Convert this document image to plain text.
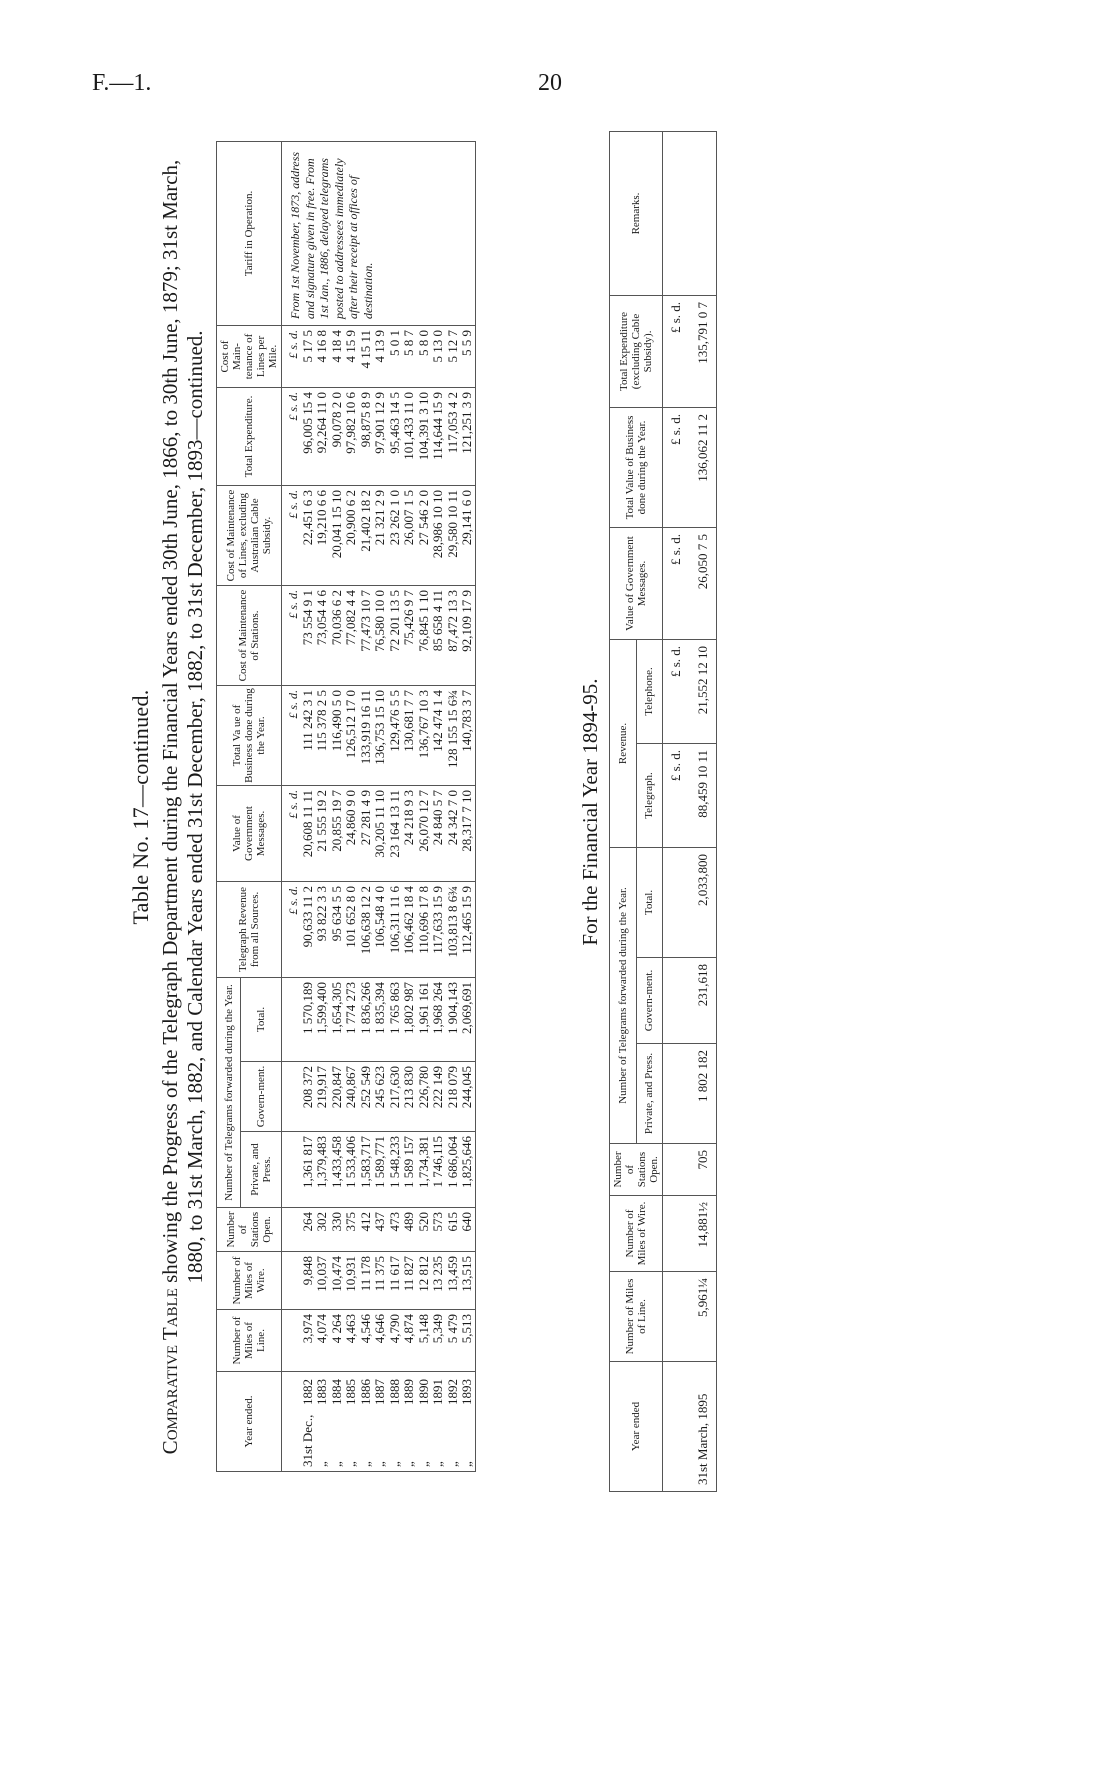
F.—1.	20
Table No. 17—continued.
Comparative Table showing the Progress of the Telegraph Department during the Financial Years ended 30th June, 1866, to 30th June, 1879; 31st March, 1880, to 31st March, 1882, and Calendar Years ended 31st December, 1882, to 31st December, 1893—continued.
Year ended.	Number of Miles of Line.	Number of Miles of Wire.	Number of Stations Open.	Number of Telegrams forwarded during the Year.			Telegraph Revenue from all Sources.	Value of Government Messages.	Total Va ue of Business done during the Year.	Cost of Maintenance of Stations.	Cost of Maintenance of Lines, excluding Australian Cable Subsidy.	Total Expenditure.	Cost of Main-tenance of Lines per Mile.	Tariff in Operation.
				Private, and Press.	Govern-ment.	Total.								
							£ s. d.	£ s. d.	£ s. d.	£ s. d.	£ s. d.	£ s. d.	£ s. d.	From 1st November, 1873, address and signature given in free. From 1st Jan., 1886, delayed telegrams posted to addressees immediately after their receipt at offices of destination.
31st Dec.,1882	3,974	9,848	264	1,361 817	208 372	1 570,189	90,633 11 2	20,608 11 11	111 242 3 1	73 554 9 1	22,451 6 3	96,005 15 4	5 17 5	
„1883	4,074	10,037	302	1,379,483	219,917	1,599,400	93 822 3 3	21 555 19 2	115 378 2 5	73,054 4 6	19,210 6 6	92,264 11 0	4 16 8	
„1884	4 264	10,474	330	1,433,458	220,847	1,654,305	95 634 5 5	20,855 19 7	116,490 5 0	70,036 6 2	20,041 15 10	90,078 2 0	4 18 4	
„1885	4,463	10,931	375	1 533,406	240,867	1 774 273	101 652 8 0	24,860 9 0	126,512 17 0	77,082 4 4	20,900 6 2	97,982 10 6	4 15 9	
„1886	4,546	11 178	412	1,583,717	252 549	1 836,266	106,638 12 2	27 281 4 9	133,919 16 11	77,473 10 7	21,402 18 2	98,875 8 9	4 15 11	
„1887	4,646	11 375	437	1 589,771	245 623	1 835,394	106,548 4 0	30,205 11 10	136,753 15 10	76,580 10 0	21 321 2 9	97,901 12 9	4 13 9	
„1888	4,790	11 617	473	1 548,233	217,630	1 765 863	106,311 11 6	23 164 13 11	129,476 5 5	72 201 13 5	23 262 1 0	95,463 14 5	5 0 1	
„1889	4,874	11 827	489	1 589 157	213 830	1,802 987	106,462 18 4	24 218 9 3	130,681 7 7	75,426 9 7	26,007 1 5	101,433 11 0	5 8 7	
„1890	5,148	12 812	520	1,734,381	226,780	1,961 161	110,696 17 8	26,070 12 7	136,767 10 3	76,845 1 10	27 546 2 0	104,391 3 10	5 8 0	
„1891	5,349	13 235	573	1 746,115	222 149	1,968 264	117,633 15 9	24 840 5 7	142 474 1 4	85 658 4 11	28,986 10 10	114,644 15 9	5 13 0	
„1892	5 479	13,459	615	1 686,064	218 079	1 904,143	103,813 8 6¾	24 342 7 0	128 155 15 6¾	87,472 13 3	29,580 10 11	117,053 4 2	5 12 7	
„1893	5,513	13,515	640	1,825,646	244,045	2,069,691	112,465 15 9	28,317 7 10	140,783 3 7	92,109 17 9	29,141 6 0	121,251 3 9	5 5 9	
For the Financial Year 1894-95.
Year ended	Number of Miles of Line.	Number of Miles of Wire.	Number of Stations Open.	Number of Telegrams forwarded during the Year.			Revenue.		Value of Government Messages.	Total Value of Business done during the Year.	Total Expenditure (excluding Cable Subsidy).	Remarks.
				Private, and Press.	Govern-ment.	Total.	Telegraph.	Telephone.				
							£ s. d.	£ s. d.	£ s. d.	£ s. d.	£ s. d.	
31st March, 1895	5,961¼	14,881½	705	1 802 182	231,618	2,033,800	88,459 10 11	21,552 12 10	26,050 7 5	136,062 11 2	135,791 0 7	
